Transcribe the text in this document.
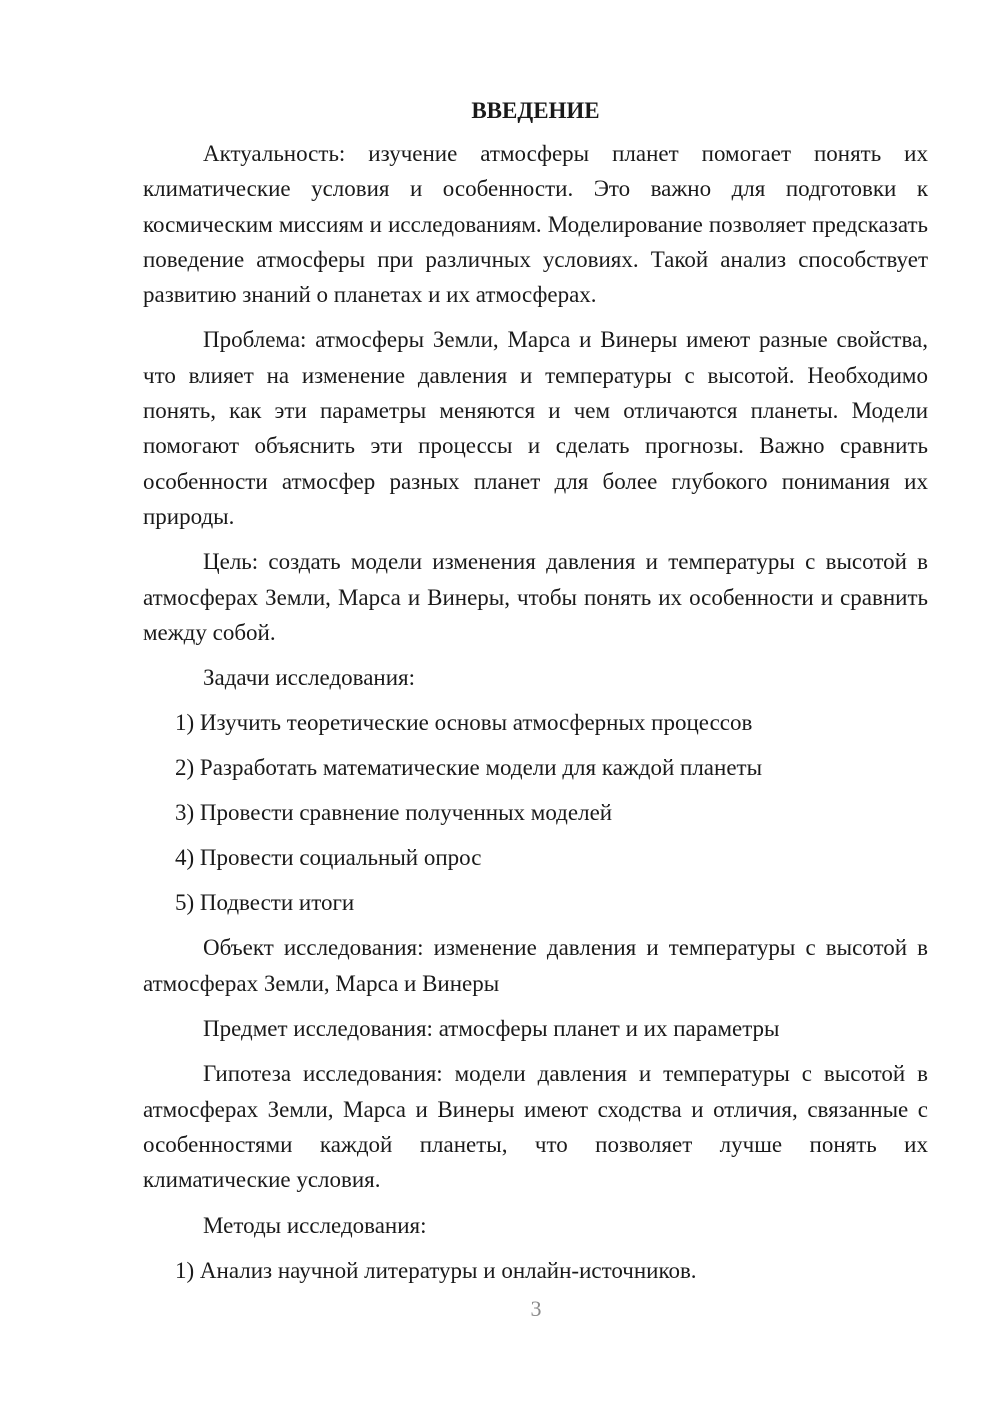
ВВЕДЕНИЕ

Актуальность: изучение атмосферы планет помогает понять их климатические условия и особенности. Это важно для подготовки к космическим миссиям и исследованиям. Моделирование позволяет предсказать поведение атмосферы при различных условиях. Такой анализ способствует развитию знаний о планетах и их атмосферах.

Проблема: атмосферы Земли, Марса и Винеры имеют разные свойства, что влияет на изменение давления и температуры с высотой. Необходимо понять, как эти параметры меняются и чем отличаются планеты. Модели помогают объяснить эти процессы и сделать прогнозы. Важно сравнить особенности атмосфер разных планет для более глубокого понимания их природы.

Цель: создать модели изменения давления и температуры с высотой в атмосферах Земли, Марса и Винеры, чтобы понять их особенности и сравнить между собой.

Задачи исследования:

1) Изучить теоретические основы атмосферных процессов
2) Разработать математические модели для каждой планеты
3) Провести сравнение полученных моделей
4) Провести социальный опрос
5) Подвести итоги

Объект исследования: изменение давления и температуры с высотой в атмосферах Земли, Марса и Винеры

Предмет исследования: атмосферы планет и их параметры

Гипотеза исследования: модели давления и температуры с высотой в атмосферах Земли, Марса и Винеры имеют сходства и отличия, связанные с особенностями каждой планеты, что позволяет лучше понять их климатические условия.

Методы исследования:

1) Анализ научной литературы и онлайн-источников.
3
